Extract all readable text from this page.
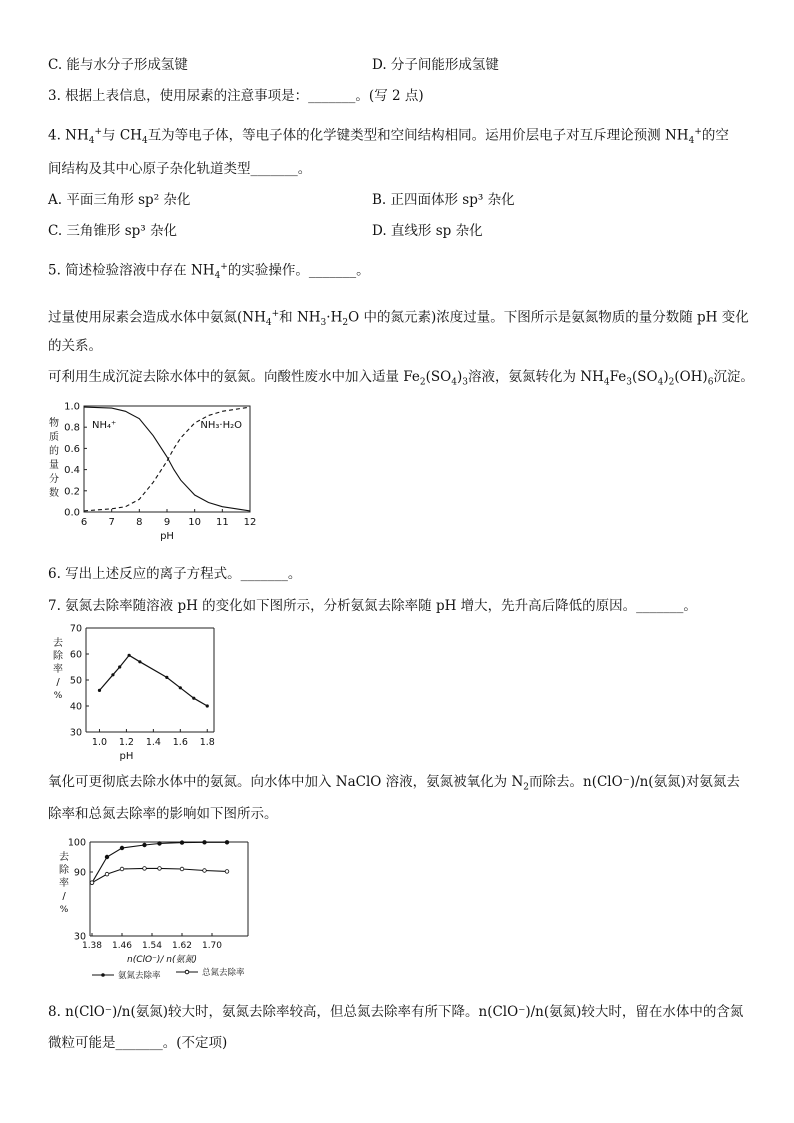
C. 能与水分子形成氢键	D. 分子间能形成氢键
3. 根据上表信息，使用尿素的注意事项是：_______。(写 2 点)
4. $NH_4^+$与 $CH_4$互为等电子体，等电子体的化学键类型和空间结构相同。运用价层电子对互斥理论预测 $NH_4^+$的空
间结构及其中心原子杂化轨道类型_______。
A. 平面三角形 sp² 杂化	B. 正四面体形 sp³ 杂化
C. 三角锥形 sp³ 杂化	D. 直线形 sp 杂化
5. 简述检验溶液中存在 $NH_4^+$的实验操作。_______。
过量使用尿素会造成水体中氨氮($NH_4^+$和 $NH_3\cdot H_2O$ 中的氮元素)浓度过量。下图所示是氨氮物质的量分数随 pH 变化
的关系。
可利用生成沉淀去除水体中的氨氮。向酸性废水中加入适量 $Fe_2(SO_4)_3$溶液，氨氮转化为 $NH_4Fe_3(SO_4)_2(OH)_6$沉淀。
0.0
0.2
0.4
0.6
0.8
1.0
6 7 8 9 10 11 12
pH
物
质
的
量
分
数
NH₄⁺	NH₃·H₂O
6. 写出上述反应的离子方程式。_______。
7. 氨氮去除率随溶液 pH 的变化如下图所示，分析氨氮去除率随 pH 增大，先升高后降低的原因。_______。
30
40
50
60
70
1.0 1.2 1.4 1.6 1.8
pH
去
除
率
/
%
氧化可更彻底去除水体中的氨氮。向水体中加入 NaClO 溶液，氨氮被氧化为 $N_2$而除去。n(ClO⁻)/n(氨氮)对氨氮去
除率和总氮去除率的影响如下图所示。
30
90
100
1.38 1.46 1.54 1.62 1.70
n(ClO⁻)/ n(氨氮)
去
除
率
/
%
氨氮去除率	总氮去除率
8. n(ClO⁻)/n(氨氮)较大时，氨氮去除率较高，但总氮去除率有所下降。n(ClO⁻)/n(氨氮)较大时，留在水体中的含氮
微粒可能是_______。(不定项)
